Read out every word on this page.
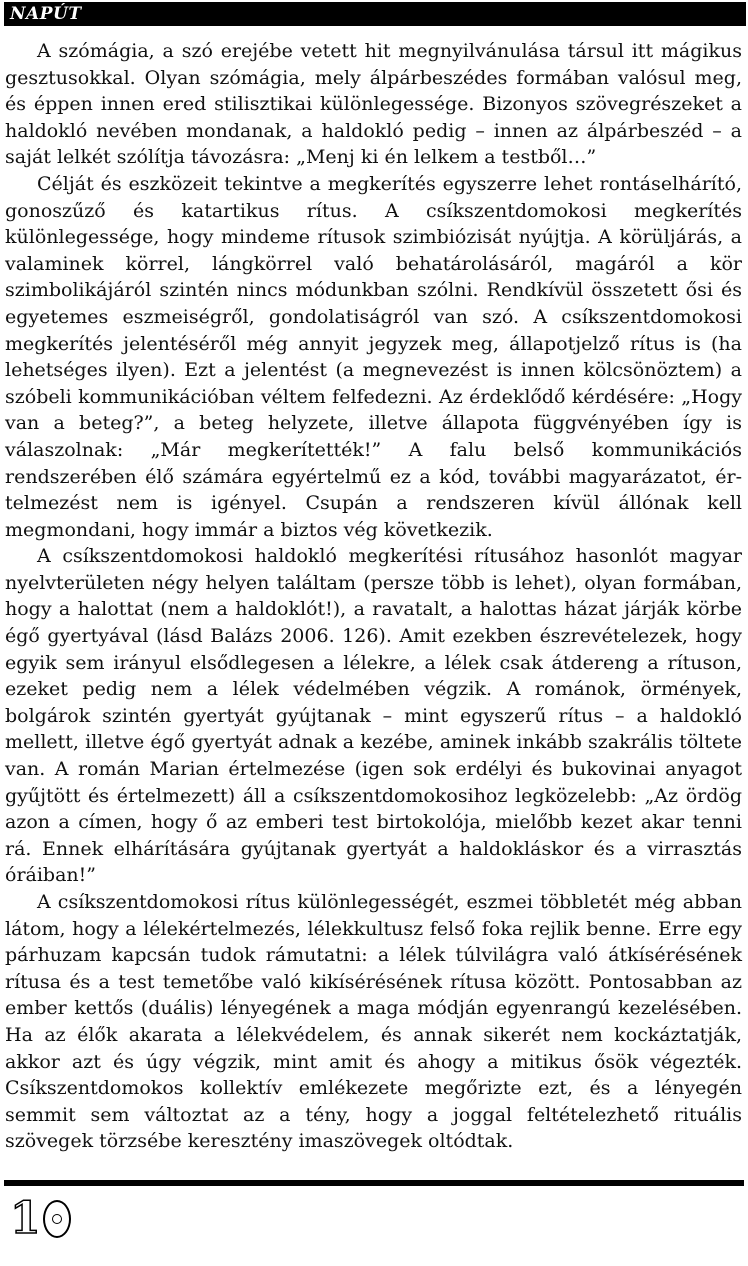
NAPÚT

A szómágia, a szó erejébe vetett hit megnyilvánulása társul itt mágikus gesztusokkal. Olyan szómágia, mely álpárbeszédes formában valósul meg, és éppen innen ered stilisztikai különlegessége. Bizonyos szövegrészeket a haldokló nevében mondanak, a haldokló pedig – innen az álpárbeszéd – a saját lelkét szólítja távozásra: „Menj ki én lelkem a testből…”

Célját és eszközeit tekintve a megkerítés egyszerre lehet rontáselhárító, gonoszűző és katartikus rítus. A csíkszentdomokosi megkerítés különlegessége, hogy mindeme rítusok szimbiózisát nyújtja. A körüljárás, a valaminek körrel, lángkörrel való behatárolásáról, magáról a kör szimbolikájáról szintén nincs módunkban szólni. Rendkívül összetett ősi és egyetemes eszmeiségről, gondolatiságról van szó. A csíkszentdomokosi megkerítés jelentéséről még annyit jegyzek meg, állapotjelző rítus is (ha lehetséges ilyen). Ezt a jelentést (a megnevezést is innen kölcsönöztem) a szóbeli kommunikációban véltem felfedezni. Az érdeklődő kérdésére: „Hogy van a beteg?”, a beteg helyzete, illetve állapota függvényében így is válaszolnak: „Már megkerítették!” A falu belső kommunikációs rendszerében élő számára egyértelmű ez a kód, további magyarázatot, értelmezést nem is igényel. Csupán a rendszeren kívül állónak kell megmondani, hogy immár a biztos vég következik.

A csíkszentdomokosi haldokló megkerítési rítusához hasonlót magyar nyelvterületen négy helyen találtam (persze több is lehet), olyan formában, hogy a halottat (nem a haldoklót!), a ravatalt, a halottas házat járják körbe égő gyertyával (lásd Balázs 2006. 126). Amit ezekben észrevételezek, hogy egyik sem irányul elsődlegesen a lélekre, a lélek csak átdereng a rítuson, ezeket pedig nem a lélek védelmében végzik. A románok, örmények, bolgárok szintén gyertyát gyújtanak – mint egyszerű rítus – a haldokló mellett, illetve égő gyertyát adnak a kezébe, aminek inkább szakrális töltete van. A román Marian értelmezése (igen sok erdélyi és bukovinai anyagot gyűjtött és értelmezett) áll a csíkszentdomokosihoz legközelebb: „Az ördög azon a címen, hogy ő az emberi test birtokolója, mielőbb kezet akar tenni rá. Ennek elhárítására gyújtanak gyertyát a haldokláskor és a virrasztás óráiban!”

A csíkszentdomokosi rítus különlegességét, eszmei többletét még abban látom, hogy a lélekértelmezés, lélekkultusz felső foka rejlik benne. Erre egy párhuzam kapcsán tudok rámutatni: a lélek túlvilágra való átkísérésének rítusa és a test temetőbe való kikísérésének rítusa között. Pontosabban az ember kettős (duális) lényegének a maga módján egyenrangú kezelésében. Ha az élők akarata a lélekvédelem, és annak sikerét nem kockáztatják, akkor azt és úgy végzik, mint amit és ahogy a mitikus ősök végezték. Csíkszentdomokos kollektív emlékezete megőrizte ezt, és a lényegén semmit sem változtat az a tény, hogy a joggal feltételezhető rituális szövegek törzsébe keresztény imaszövegek oltódtak.

1
